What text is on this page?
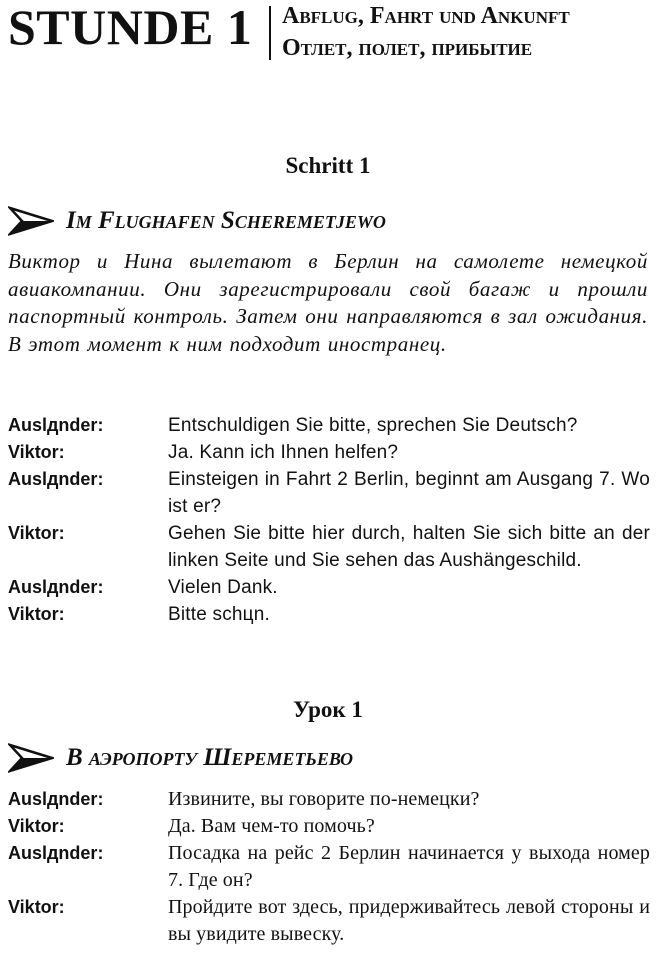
STUNDE 1 Abflug, Fahrt und Ankunft
Отлет, полет, прибытие
Schritt 1
Im Flughafen Scheremetjewo
Виктор и Нина вылетают в Берлин на самолете немецкой авиакомпании. Они зарегистрировали свой багаж и прошли паспортный контроль. Затем они направляются в зал ожидания. В этот момент к ним подходит иностранец.
Auslдnder:	Entschuldigen Sie bitte, sprechen Sie Deutsch?
Viktor:	Ja. Kann ich Ihnen helfen?
Auslдnder:	Einsteigen in Fahrt 2 Berlin, beginnt am Ausgang 7. Wo ist er?
Viktor:	Gehen Sie bitte hier durch, halten Sie sich bitte an der linken Seite und Sie sehen das Aushängeschild.
Auslдnder:	Vielen Dank.
Viktor:	Bitte schцn.
Урок 1
В аэропорту Шереметьево
Auslдnder:	Извините, вы говорите по-немецки?
Viktor:	Да. Вам чем-то помочь?
Auslдnder:	Посадка на рейс 2 Берлин начинается у выхода номер 7. Где он?
Viktor:	Пройдите вот здесь, придерживайтесь левой стороны и вы увидите вывеску.
